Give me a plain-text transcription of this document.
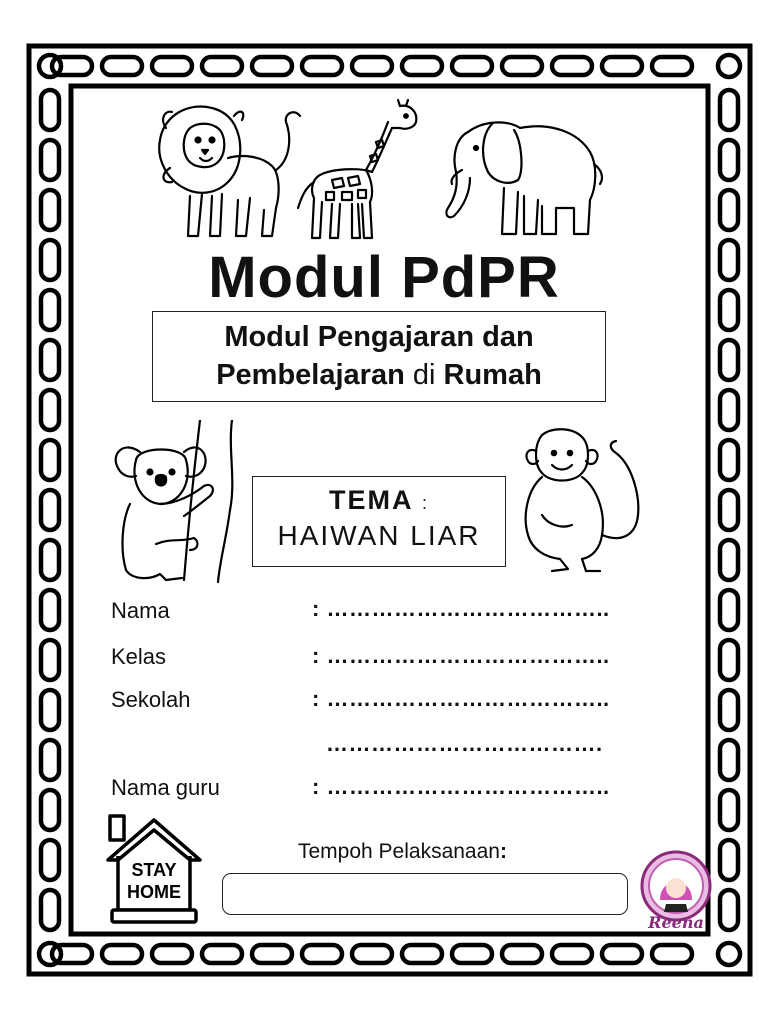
Modul PdPR
Modul Pengajaran dan
Pembelajaran di Rumah
TEMA :
HAIWAN LIAR
Nama	: ………………………………..
Kelas	: ………………………………..
Sekolah	: ………………………………..
……………………………….
Nama guru	: ………………………………..
STAY
HOME
Tempoh Pelaksanaan:
Reena
